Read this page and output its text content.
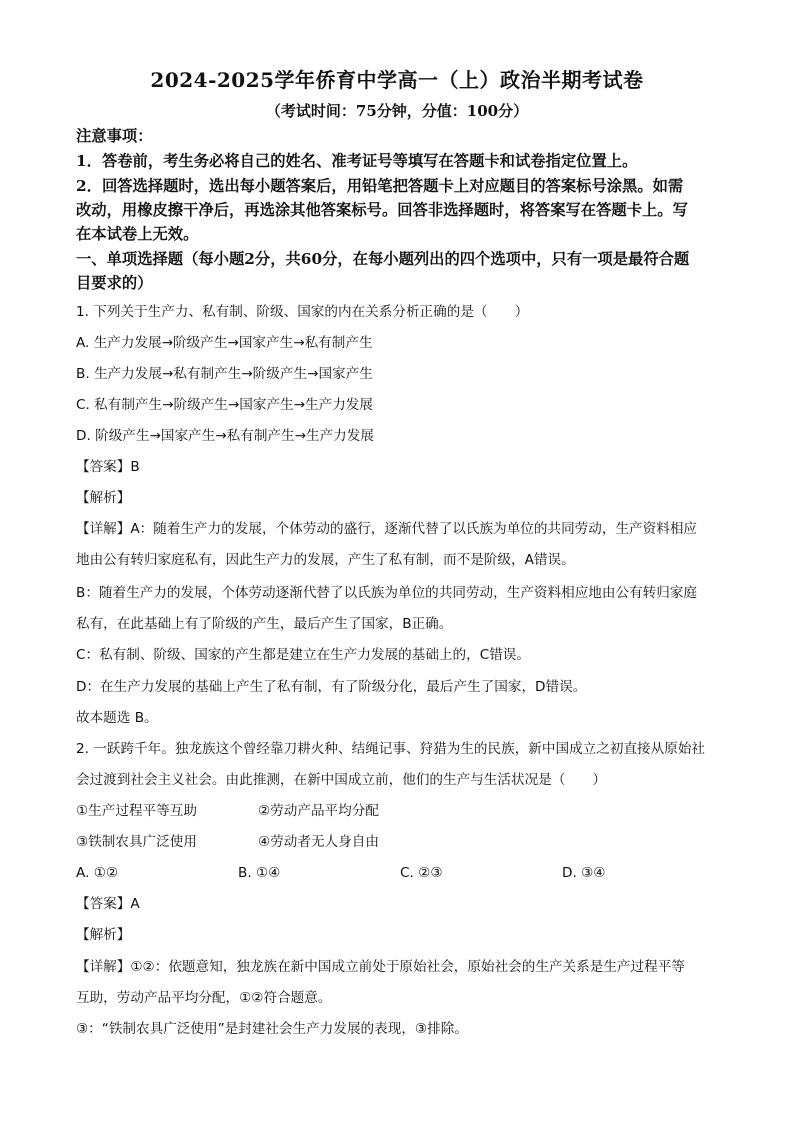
2024-2025学年侨育中学高一（上）政治半期考试卷
（考试时间：75分钟，分值：100分）
注意事项：
1．答卷前，考生务必将自己的姓名、准考证号等填写在答题卡和试卷指定位置上。
2．回答选择题时，选出每小题答案后，用铅笔把答题卡上对应题目的答案标号涂黑。如需
改动，用橡皮擦干净后，再选涂其他答案标号。回答非选择题时，将答案写在答题卡上。写
在本试卷上无效。
一、单项选择题（每小题2分，共60分，在每小题列出的四个选项中，只有一项是最符合题
目要求的）
1. 下列关于生产力、私有制、阶级、国家的内在关系分析正确的是（　　）
A. 生产力发展→阶级产生→国家产生→私有制产生
B. 生产力发展→私有制产生→阶级产生→国家产生
C. 私有制产生→阶级产生→国家产生→生产力发展
D. 阶级产生→国家产生→私有制产生→生产力发展
【答案】B
【解析】
【详解】A：随着生产力的发展，个体劳动的盛行，逐渐代替了以氏族为单位的共同劳动，生产资料相应
地由公有转归家庭私有，因此生产力的发展，产生了私有制，而不是阶级，A错误。
B：随着生产力的发展，个体劳动逐渐代替了以氏族为单位的共同劳动，生产资料相应地由公有转归家庭
私有，在此基础上有了阶级的产生，最后产生了国家，B正确。
C：私有制、阶级、国家的产生都是建立在生产力发展的基础上的，C错误。
D：在生产力发展的基础上产生了私有制，有了阶级分化，最后产生了国家，D错误。
故本题选 B。
2. 一跃跨千年。独龙族这个曾经靠刀耕火种、结绳记事、狩猎为生的民族，新中国成立之初直接从原始社
会过渡到社会主义社会。由此推测，在新中国成立前，他们的生产与生活状况是（　　）
①生产过程平等互助	②劳动产品平均分配
③铁制农具广泛使用	④劳动者无人身自由
A. ①②	B. ①④	C. ②③	D. ③④
【答案】A
【解析】
【详解】①②：依题意知，独龙族在新中国成立前处于原始社会，原始社会的生产关系是生产过程平等
互助，劳动产品平均分配，①②符合题意。
③：“铁制农具广泛使用”是封建社会生产力发展的表现，③排除。
